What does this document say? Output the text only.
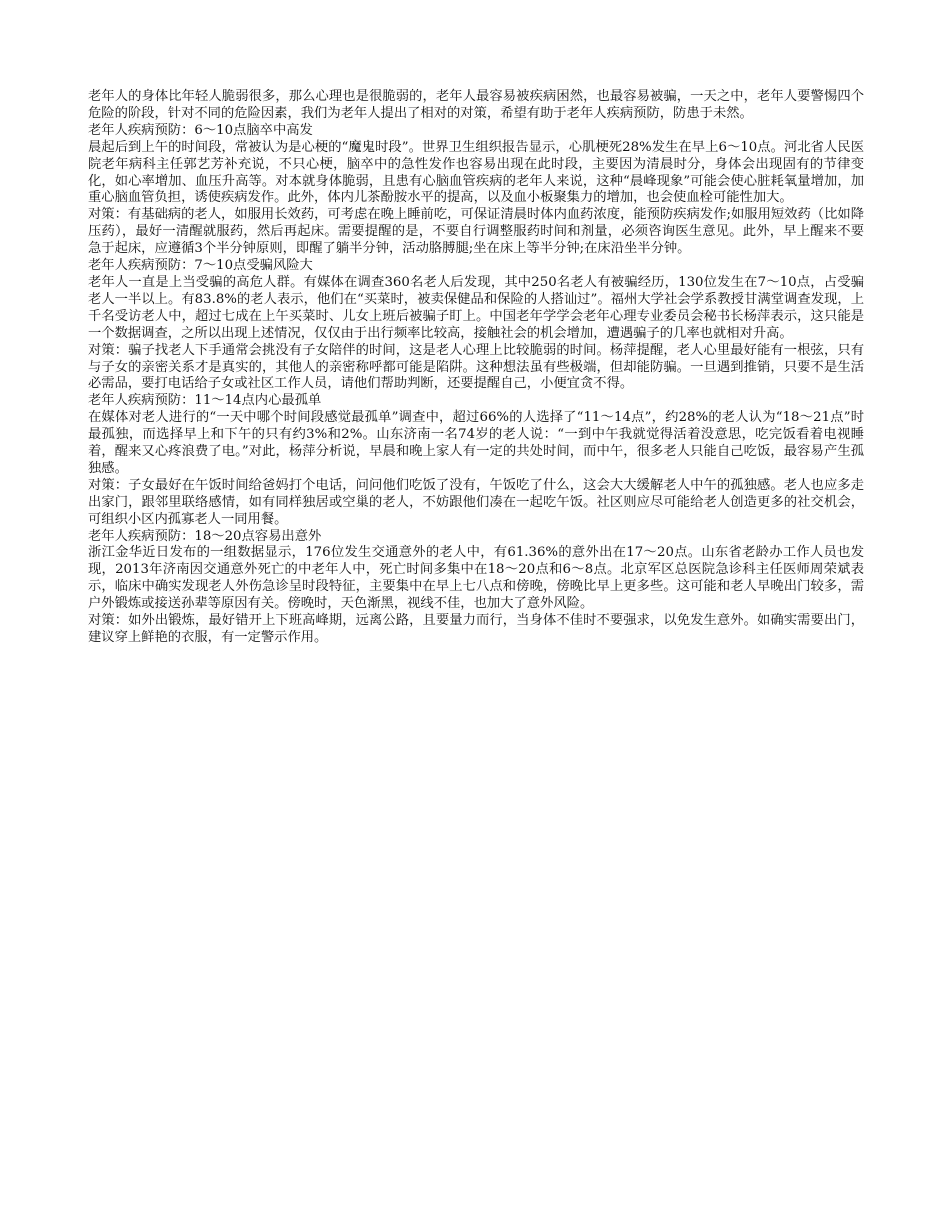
老年人的身体比年轻人脆弱很多，那么心理也是很脆弱的，老年人最容易被疾病困然，也最容易被骗，一天之中，老年人要警惕四个危险的阶段，针对不同的危险因素，我们为老年人提出了相对的对策，希望有助于老年人疾病预防，防患于未然。

老年人疾病预防：6～10点脑卒中高发

晨起后到上午的时间段，常被认为是心梗的“魔鬼时段”。世界卫生组织报告显示，心肌梗死28%发生在早上6～10点。河北省人民医院老年病科主任郭艺芳补充说，不只心梗，脑卒中的急性发作也容易出现在此时段，主要因为清晨时分，身体会出现固有的节律变化，如心率增加、血压升高等。对本就身体脆弱，且患有心脑血管疾病的老年人来说，这种“晨峰现象”可能会使心脏耗氧量增加，加重心脑血管负担，诱使疾病发作。此外，体内儿茶酚胺水平的提高，以及血小板聚集力的增加，也会使血栓可能性加大。

对策：有基础病的老人，如服用长效药，可考虑在晚上睡前吃，可保证清晨时体内血药浓度，能预防疾病发作;如服用短效药（比如降压药），最好一清醒就服药，然后再起床。需要提醒的是，不要自行调整服药时间和剂量，必须咨询医生意见。此外，早上醒来不要急于起床，应遵循3个半分钟原则，即醒了躺半分钟，活动胳膊腿;坐在床上等半分钟;在床沿坐半分钟。

老年人疾病预防：7～10点受骗风险大

老年人一直是上当受骗的高危人群。有媒体在调查360名老人后发现，其中250名老人有被骗经历，130位发生在7～10点，占受骗老人一半以上。有83.8%的老人表示，他们在“买菜时，被卖保健品和保险的人搭讪过”。福州大学社会学系教授甘满堂调查发现，上千名受访老人中，超过七成在上午买菜时、儿女上班后被骗子盯上。中国老年学学会老年心理专业委员会秘书长杨萍表示，这只能是一个数据调查，之所以出现上述情况，仅仅由于出行频率比较高，接触社会的机会增加，遭遇骗子的几率也就相对升高。

对策：骗子找老人下手通常会挑没有子女陪伴的时间，这是老人心理上比较脆弱的时间。杨萍提醒，老人心里最好能有一根弦，只有与子女的亲密关系才是真实的，其他人的亲密称呼都可能是陷阱。这种想法虽有些极端，但却能防骗。一旦遇到推销，只要不是生活必需品，要打电话给子女或社区工作人员，请他们帮助判断，还要提醒自己，小便宜贪不得。

老年人疾病预防：11～14点内心最孤单

在媒体对老人进行的“一天中哪个时间段感觉最孤单”调查中，超过66%的人选择了“11～14点”，约28%的老人认为“18～21点”时最孤独，而选择早上和下午的只有约3%和2%。山东济南一名74岁的老人说：“一到中午我就觉得活着没意思，吃完饭看着电视睡着，醒来又心疼浪费了电。”对此，杨萍分析说，早晨和晚上家人有一定的共处时间，而中午，很多老人只能自己吃饭，最容易产生孤独感。

对策：子女最好在午饭时间给爸妈打个电话，问问他们吃饭了没有，午饭吃了什么，这会大大缓解老人中午的孤独感。老人也应多走出家门，跟邻里联络感情，如有同样独居或空巢的老人，不妨跟他们凑在一起吃午饭。社区则应尽可能给老人创造更多的社交机会，可组织小区内孤寡老人一同用餐。

老年人疾病预防：18～20点容易出意外

浙江金华近日发布的一组数据显示，176位发生交通意外的老人中，有61.36%的意外出在17～20点。山东省老龄办工作人员也发现，2013年济南因交通意外死亡的中老年人中，死亡时间多集中在18～20点和6～8点。北京军区总医院急诊科主任医师周荣斌表示，临床中确实发现老人外伤急诊呈时段特征，主要集中在早上七八点和傍晚，傍晚比早上更多些。这可能和老人早晚出门较多，需户外锻炼或接送孙辈等原因有关。傍晚时，天色渐黑，视线不佳，也加大了意外风险。

对策：如外出锻炼，最好错开上下班高峰期，远离公路，且要量力而行，当身体不佳时不要强求，以免发生意外。如确实需要出门，建议穿上鲜艳的衣服，有一定警示作用。
